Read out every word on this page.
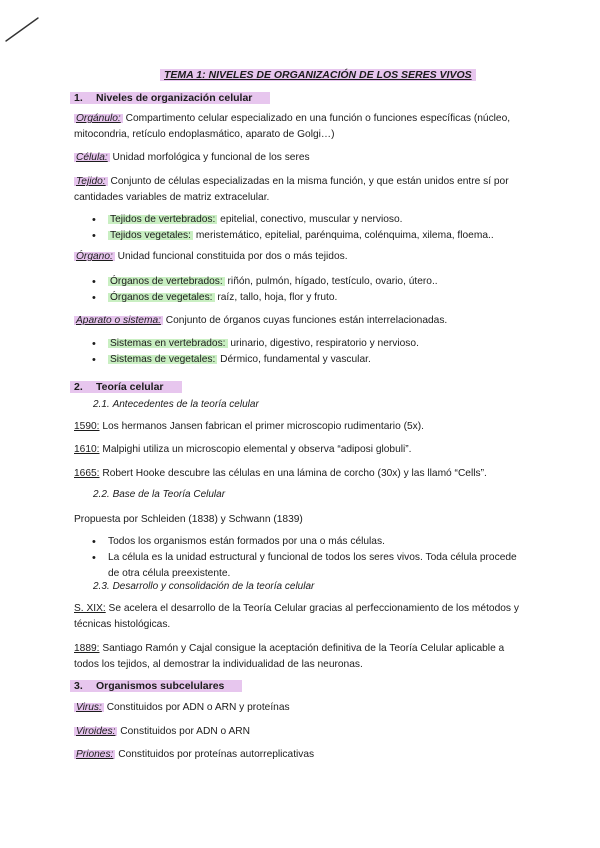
TEMA 1: NIVELES DE ORGANIZACIÓN DE LOS SERES VIVOS
1. Niveles de organización celular

Orgánulo: Compartimento celular especializado en una función o funciones específicas (núcleo, mitocondria, retículo endoplasmático, aparato de Golgi…)

Célula: Unidad morfológica y funcional de los seres

Tejido: Conjunto de células especializadas en la misma función, y que están unidos entre sí por cantidades variables de matriz extracelular.

• Tejidos de vertebrados: epitelial, conectivo, muscular y nervioso.
• Tejidos vegetales: meristemático, epitelial, parénquima, colénquima, xilema, floema..

Órgano: Unidad funcional constituida por dos o más tejidos.

• Órganos de vertebrados: riñón, pulmón, hígado, testículo, ovario, útero..
• Órganos de vegetales: raíz, tallo, hoja, flor y fruto.

Aparato o sistema: Conjunto de órganos cuyas funciones están interrelacionadas.

• Sistemas en vertebrados: urinario, digestivo, respiratorio y nervioso.
• Sistemas de vegetales: Dérmico, fundamental y vascular.
2. Teoría celular
2.1. Antecedentes de la teoría celular

1590: Los hermanos Jansen fabrican el primer microscopio rudimentario (5x).

1610: Malpighi utiliza un microscopio elemental y observa “adiposi globuli”.

1665: Robert Hooke descubre las células en una lámina de corcho (30x) y las llamó “Cells”.

2.2. Base de la Teoría Celular

Propuesta por Schleiden (1838) y Schwann (1839)

• Todos los organismos están formados por una o más células.
• La célula es la unidad estructural y funcional de todos los seres vivos. Toda célula procede de otra célula preexistente.
2.3. Desarrollo y consolidación de la teoría celular

S. XIX: Se acelera el desarrollo de la Teoría Celular gracias al perfeccionamiento de los métodos y técnicas histológicas.

1889: Santiago Ramón y Cajal consigue la aceptación definitiva de la Teoría Celular aplicable a todos los tejidos, al demostrar la individualidad de las neuronas.

3. Organismos subcelulares

Virus: Constituidos por ADN o ARN y proteínas

Viroides: Constituidos por ADN o ARN

Priones: Constituidos por proteínas autorreplicativas
